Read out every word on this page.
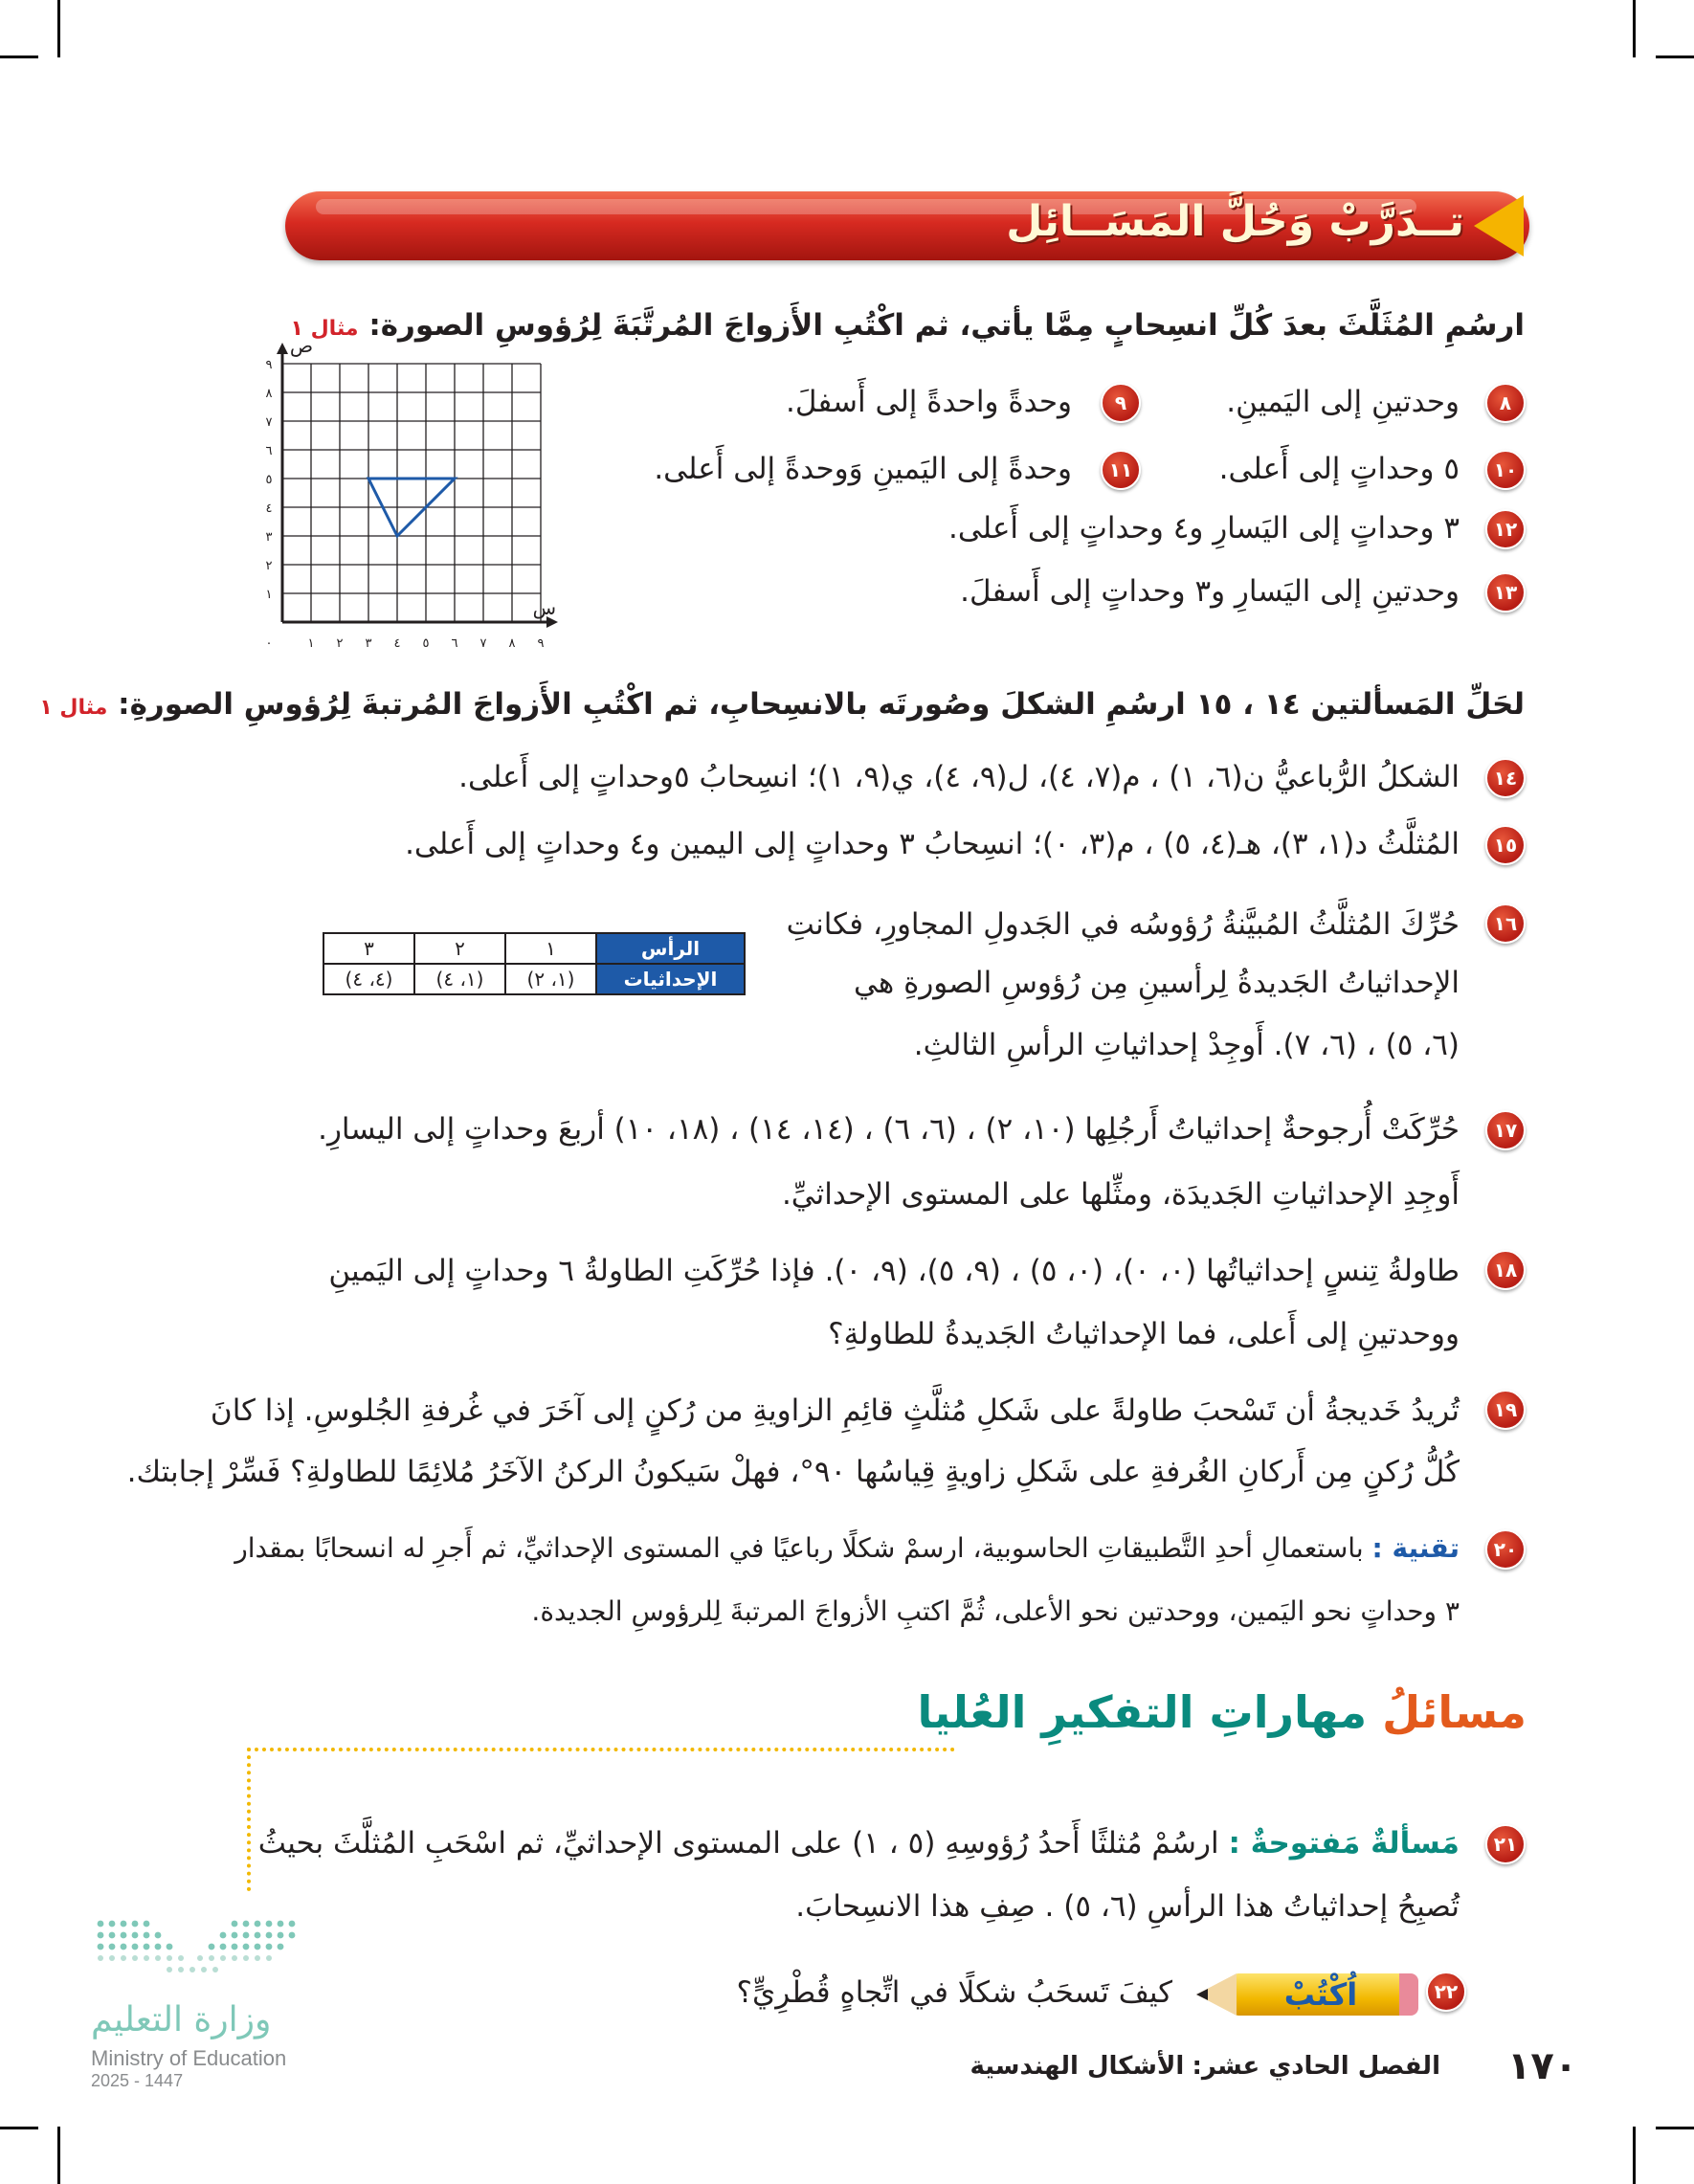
تــدَرَّبْ وَحُلَّ المَسَــائِل
ارسُمِ المُثَلَّثَ بعدَ كُلِّ انسِحابٍ مِمَّا يأتي، ثم اكْتُبِ الأَزواجَ المُرتَّبَةَ لِرُؤوسِ الصورة: مثال ١
٨
وحدتينِ إلى اليَمينِ.
٩
وحدةً واحدةً إلى أَسفلَ.
١٠
٥ وحداتٍ إلى أَعلى.
١١
وحدةً إلى اليَمينِ وَوحدةً إلى أَعلى.
١٢
٣ وحداتٍ إلى اليَسارِ و٤ وحداتٍ إلى أَعلى.
١٣
وحدتينِ إلى اليَسارِ و٣ وحداتٍ إلى أَسفلَ.
١ ٢ ٣ ٤ ٥ ٦ ٧ ٨ ٩
١
٢
٣
٤
٥
٦
٧
٨
٩
٠
س
ص
لحَلِّ المَسألتين ١٤ ، ١٥ ارسُمِ الشكلَ وصُورتَه بالانسِحابِ، ثم اكْتُبِ الأَزواجَ المُرتبةَ لِرُؤوسِ الصورةِ: مثال ١
١٤
الشكلُ الرُّباعيُّ ن(٦، ١) ، م(٧، ٤)، ل(٩، ٤)، ي(٩، ١)؛ انسِحابُ ٥وحداتٍ إلى أَعلى.
١٥
المُثلَّثُ د(١، ٣)، هـ(٤، ٥) ، م(٣، ٠)؛ انسِحابُ ٣ وحداتٍ إلى اليمين و٤ وحداتٍ إلى أَعلى.
١٦
حُرِّكَ المُثلَّثُ المُبيَّنةُ رُؤوسُه في الجَدولِ المجاورِ، فكانتِ
الإحداثياتُ الجَديدةُ لِرأسينِ مِن رُؤوسِ الصورةِ هي
(٦، ٥) ، (٦، ٧). أَوجِدْ إحداثياتِ الرأسِ الثالثِ.
الرأس	١	٢	٣
الإحداثيات	(١، ٢)	(١، ٤)	(٤، ٤)
١٧
حُرِّكَتْ أُرجوحةٌ إحداثياتُ أَرجُلِها (١٠، ٢) ، (٦، ٦) ، (١٤، ١٤) ، (١٨، ١٠) أربعَ وحداتٍ إلى اليسارِ.
أَوجِدِ الإحداثياتِ الجَديدَة، ومثِّلها على المستوى الإحداثيِّ.
١٨
طاولةُ تِنسٍ إحداثياتُها (٠، ٠)، (٠، ٥) ، (٩، ٥)، (٩، ٠). فإذا حُرِّكَتِ الطاولةُ ٦ وحداتٍ إلى اليَمينِ
ووحدتينِ إلى أَعلى، فما الإحداثياتُ الجَديدةُ للطاولةِ؟
١٩
تُريدُ خَديجةُ أن تَسْحبَ طاولةً على شَكلِ مُثلَّثٍ قائِمِ الزاويةِ من رُكنٍ إلى آخَرَ في غُرفةِ الجُلوسِ. إذا كانَ
كُلُّ رُكنٍ مِن أَركانِ الغُرفةِ على شَكلِ زاويةٍ قِياسُها ٩٠°، فهلْ سَيكونُ الركنُ الآخَرُ مُلائِمًا للطاولةِ؟ فَسِّرْ إجابتك.
٢٠
تقنية : باستعمالِ أحدِ التَّطبيقاتِ الحاسوبية، ارسمْ شكلًا رباعيًا في المستوى الإحداثيِّ، ثم أَجرِ له انسحابًا بمقدار
٣ وحداتٍ نحو اليَمين، ووحدتين نحو الأعلى، ثُمَّ اكتبِ الأزواجَ المرتبةَ لِلرؤوسِ الجديدة.
مسائلُ مهاراتِ التفكيرِ العُليا
٢١
مَسألةٌ مَفتوحةٌ : ارسُمْ مُثلثًا أَحدُ رُؤوسِهِ (٥ ، ١) على المستوى الإحداثيِّ، ثم اسْحَبِ المُثلَّثَ بحيثُ
تُصبِحُ إحداثياتُ هذا الرأسِ (٦، ٥) . صِفِ هذا الانسِحابَ.
٢٢
اُكْتُبْ
كيفَ تَسحَبُ شكلًا في اتِّجاهٍ قُطْرِيٍّ؟
وزارة التعليم
Ministry of Education
2025 - 1447	١٧٠
الفصل الحادي عشر: الأشكال الهندسية
